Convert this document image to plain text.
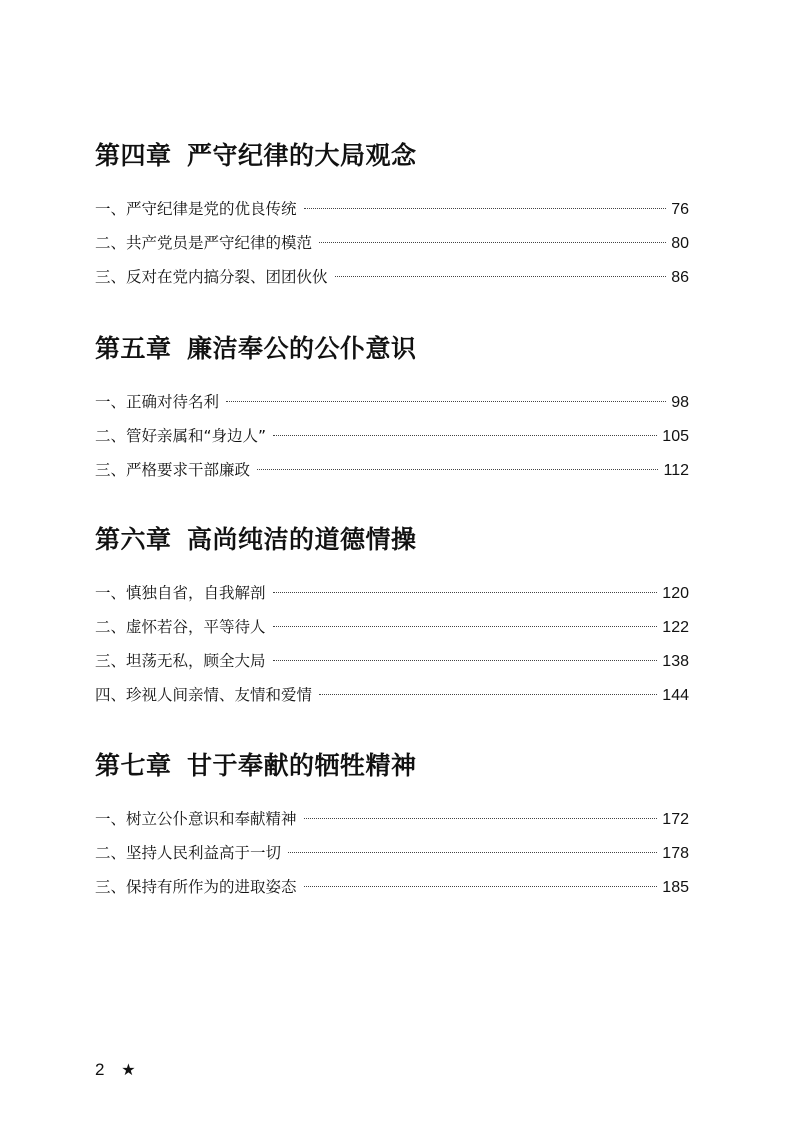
第四章 严守纪律的大局观念
一、严守纪律是党的优良传统	76
二、共产党员是严守纪律的模范	80
三、反对在党内搞分裂、团团伙伙	86
第五章 廉洁奉公的公仆意识
一、正确对待名利	98
二、管好亲属和“身边人”	105
三、严格要求干部廉政	112
第六章 高尚纯洁的道德情操
一、慎独自省，自我解剖	120
二、虚怀若谷，平等待人	122
三、坦荡无私，顾全大局	138
四、珍视人间亲情、友情和爱情	144
第七章 甘于奉献的牺牲精神
一、树立公仆意识和奉献精神	172
二、坚持人民利益高于一切	178
三、保持有所作为的进取姿态	185
2 ★
